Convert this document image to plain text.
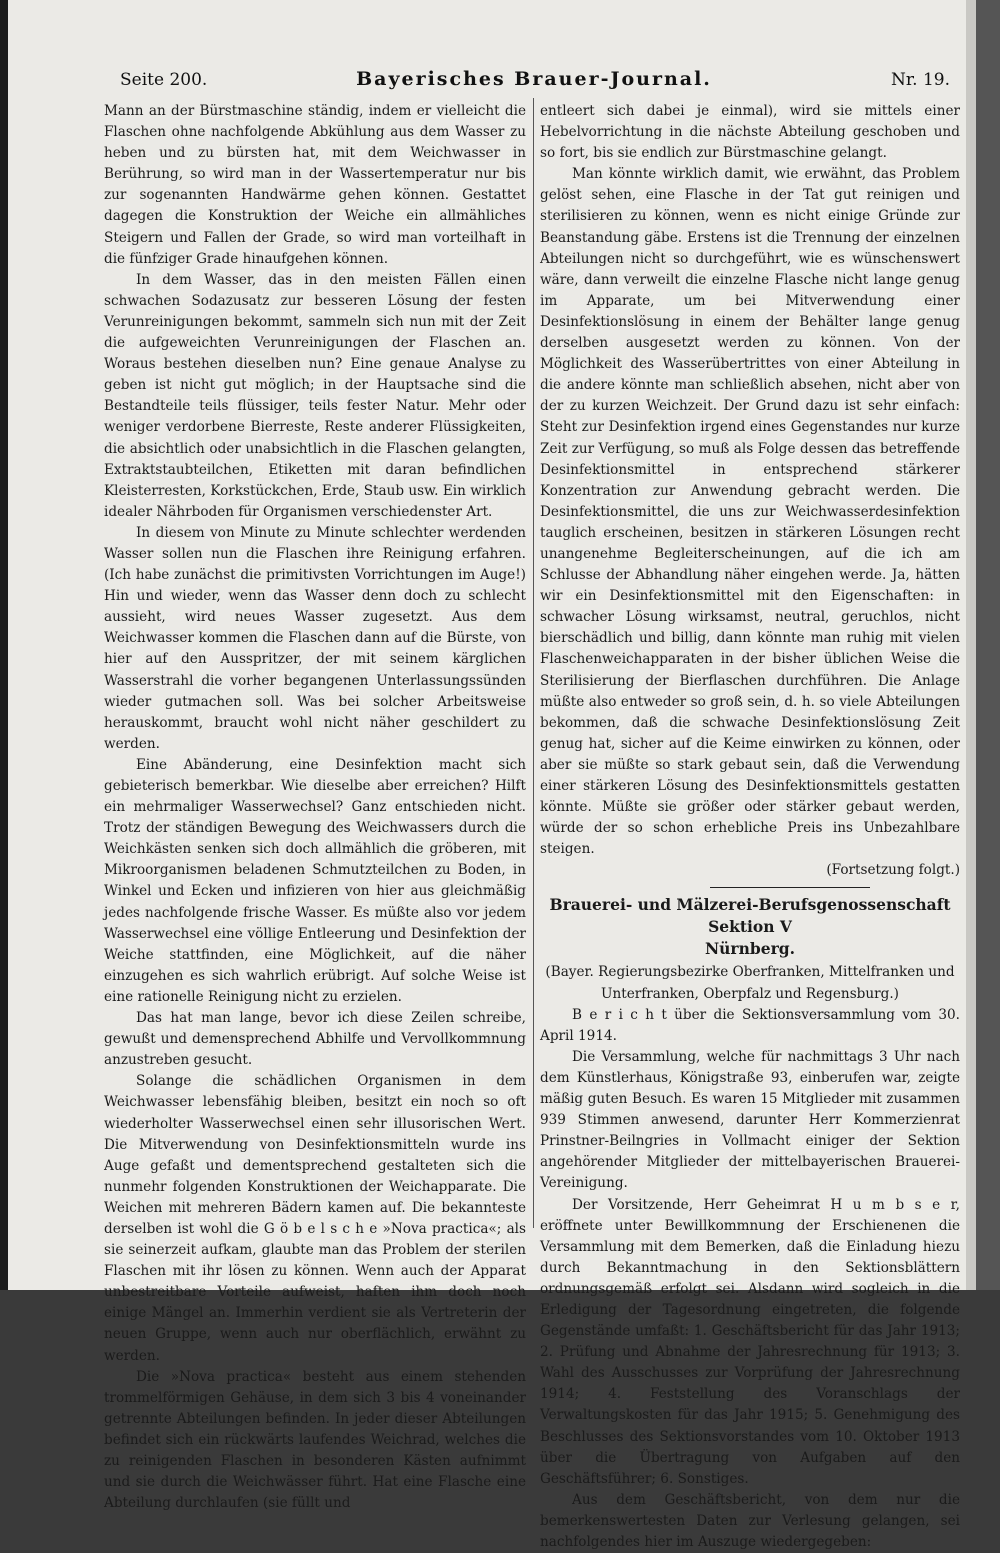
Seite 200.	Bayerisches Brauer-Journal.	Nr. 19.

Mann an der Bürstmaschine ständig, indem er vielleicht die Flaschen ohne nachfolgende Abkühlung aus dem Wasser zu heben und zu bürsten hat, mit dem Weichwasser in Berührung, so wird man in der Wassertemperatur nur bis zur sogenannten Handwärme gehen können. Gestattet dagegen die Konstruktion der Weiche ein allmähliches Steigern und Fallen der Grade, so wird man vorteilhaft in die fünfziger Grade hinaufgehen können.

In dem Wasser, das in den meisten Fällen einen schwachen Sodazusatz zur besseren Lösung der festen Verunreinigungen bekommt, sammeln sich nun mit der Zeit die aufgeweichten Verunreinigungen der Flaschen an. Woraus bestehen dieselben nun? Eine genaue Analyse zu geben ist nicht gut möglich; in der Hauptsache sind die Bestandteile teils flüssiger, teils fester Natur. Mehr oder weniger verdorbene Bierreste, Reste anderer Flüssigkeiten, die absichtlich oder unabsichtlich in die Flaschen gelangten, Extraktstaubteilchen, Etiketten mit daran befindlichen Kleisterresten, Korkstückchen, Erde, Staub usw. Ein wirklich idealer Nährboden für Organismen verschiedenster Art.

In diesem von Minute zu Minute schlechter werdenden Wasser sollen nun die Flaschen ihre Reinigung erfahren. (Ich habe zunächst die primitivsten Vorrichtungen im Auge!) Hin und wieder, wenn das Wasser denn doch zu schlecht aussieht, wird neues Wasser zugesetzt. Aus dem Weichwasser kommen die Flaschen dann auf die Bürste, von hier auf den Ausspritzer, der mit seinem kärglichen Wasserstrahl die vorher begangenen Unterlassungssünden wieder gutmachen soll. Was bei solcher Arbeitsweise herauskommt, braucht wohl nicht näher geschildert zu werden.

Eine Abänderung, eine Desinfektion macht sich gebieterisch bemerkbar. Wie dieselbe aber erreichen? Hilft ein mehrmaliger Wasserwechsel? Ganz entschieden nicht. Trotz der ständigen Bewegung des Weichwassers durch die Weichkästen senken sich doch allmählich die gröberen, mit Mikroorganismen beladenen Schmutzteilchen zu Boden, in Winkel und Ecken und infizieren von hier aus gleichmäßig jedes nachfolgende frische Wasser. Es müßte also vor jedem Wasserwechsel eine völlige Entleerung und Desinfektion der Weiche stattfinden, eine Möglichkeit, auf die näher einzugehen es sich wahrlich erübrigt. Auf solche Weise ist eine rationelle Reinigung nicht zu erzielen.

Das hat man lange, bevor ich diese Zeilen schreibe, gewußt und demensprechend Abhilfe und Vervollkommnung anzustreben gesucht.

Solange die schädlichen Organismen in dem Weichwasser lebensfähig bleiben, besitzt ein noch so oft wiederholter Wasserwechsel einen sehr illusorischen Wert. Die Mitverwendung von Desinfektionsmitteln wurde ins Auge gefaßt und dementsprechend gestalteten sich die nunmehr folgenden Konstruktionen der Weichapparate. Die Weichen mit mehreren Bädern kamen auf. Die bekannteste derselben ist wohl die G ö b e l s c h e »Nova practica«; als sie seinerzeit aufkam, glaubte man das Problem der sterilen Flaschen mit ihr lösen zu können. Wenn auch der Apparat unbestreitbare Vorteile aufweist, haften ihm doch noch einige Mängel an. Immerhin verdient sie als Vertreterin der neuen Gruppe, wenn auch nur oberflächlich, erwähnt zu werden.

Die »Nova practica« besteht aus einem stehenden trommelförmigen Gehäuse, in dem sich 3 bis 4 voneinander getrennte Abteilungen befinden. In jeder dieser Abteilungen befindet sich ein rückwärts laufendes Weichrad, welches die zu reinigenden Flaschen in besonderen Kästen aufnimmt und sie durch die Weichwässer führt. Hat eine Flasche eine Abteilung durchlaufen (sie füllt und

entleert sich dabei je einmal), wird sie mittels einer Hebelvorrichtung in die nächste Abteilung geschoben und so fort, bis sie endlich zur Bürstmaschine gelangt.

Man könnte wirklich damit, wie erwähnt, das Problem gelöst sehen, eine Flasche in der Tat gut reinigen und sterilisieren zu können, wenn es nicht einige Gründe zur Beanstandung gäbe. Erstens ist die Trennung der einzelnen Abteilungen nicht so durchgeführt, wie es wünschenswert wäre, dann verweilt die einzelne Flasche nicht lange genug im Apparate, um bei Mitverwendung einer Desinfektionslösung in einem der Behälter lange genug derselben ausgesetzt werden zu können. Von der Möglichkeit des Wasserübertrittes von einer Abteilung in die andere könnte man schließlich absehen, nicht aber von der zu kurzen Weichzeit. Der Grund dazu ist sehr einfach: Steht zur Desinfektion irgend eines Gegenstandes nur kurze Zeit zur Verfügung, so muß als Folge dessen das betreffende Desinfektionsmittel in entsprechend stärkerer Konzentration zur Anwendung gebracht werden. Die Desinfektionsmittel, die uns zur Weichwasserdesinfektion tauglich erscheinen, besitzen in stärkeren Lösungen recht unangenehme Begleiterscheinungen, auf die ich am Schlusse der Abhandlung näher eingehen werde. Ja, hätten wir ein Desinfektionsmittel mit den Eigenschaften: in schwacher Lösung wirksamst, neutral, geruchlos, nicht bierschädlich und billig, dann könnte man ruhig mit vielen Flaschenweichapparaten in der bisher üblichen Weise die Sterilisierung der Bierflaschen durchführen. Die Anlage müßte also entweder so groß sein, d. h. so viele Abteilungen bekommen, daß die schwache Desinfektionslösung Zeit genug hat, sicher auf die Keime einwirken zu können, oder aber sie müßte so stark gebaut sein, daß die Verwendung einer stärkeren Lösung des Desinfektionsmittels gestatten könnte. Müßte sie größer oder stärker gebaut werden, würde der so schon erhebliche Preis ins Unbezahlbare steigen.

(Fortsetzung folgt.)

Brauerei- und Mälzerei-Berufsgenossenschaft Sektion V
Nürnberg.

(Bayer. Regierungsbezirke Oberfranken, Mittelfranken und Unterfranken, Oberpfalz und Regensburg.)

B e r i c h t über die Sektionsversammlung vom 30. April 1914.

Die Versammlung, welche für nachmittags 3 Uhr nach dem Künstlerhaus, Königstraße 93, einberufen war, zeigte mäßig guten Besuch. Es waren 15 Mitglieder mit zusammen 939 Stimmen anwesend, darunter Herr Kommerzienrat Prinstner-Beilngries in Vollmacht einiger der Sektion angehörender Mitglieder der mittelbayerischen Brauerei-Vereinigung.

Der Vorsitzende, Herr Geheimrat H u m b s e r, eröffnete unter Bewillkommnung der Erschienenen die Versammlung mit dem Bemerken, daß die Einladung hiezu durch Bekanntmachung in den Sektionsblättern ordnungsgemäß erfolgt sei. Alsdann wird sogleich in die Erledigung der Tagesordnung eingetreten, die folgende Gegenstände umfaßt: 1. Geschäftsbericht für das Jahr 1913; 2. Prüfung und Abnahme der Jahresrechnung für 1913; 3. Wahl des Ausschusses zur Vorprüfung der Jahresrechnung 1914; 4. Feststellung des Voranschlags der Verwaltungskosten für das Jahr 1915; 5. Genehmigung des Beschlusses des Sektionsvorstandes vom 10. Oktober 1913 über die Übertragung von Aufgaben auf den Geschäftsführer; 6. Sonstiges.

Aus dem Geschäftsbericht, von dem nur die bemerkenswertesten Daten zur Verlesung gelangen, sei nachfolgendes hier im Auszuge wiedergegeben:
